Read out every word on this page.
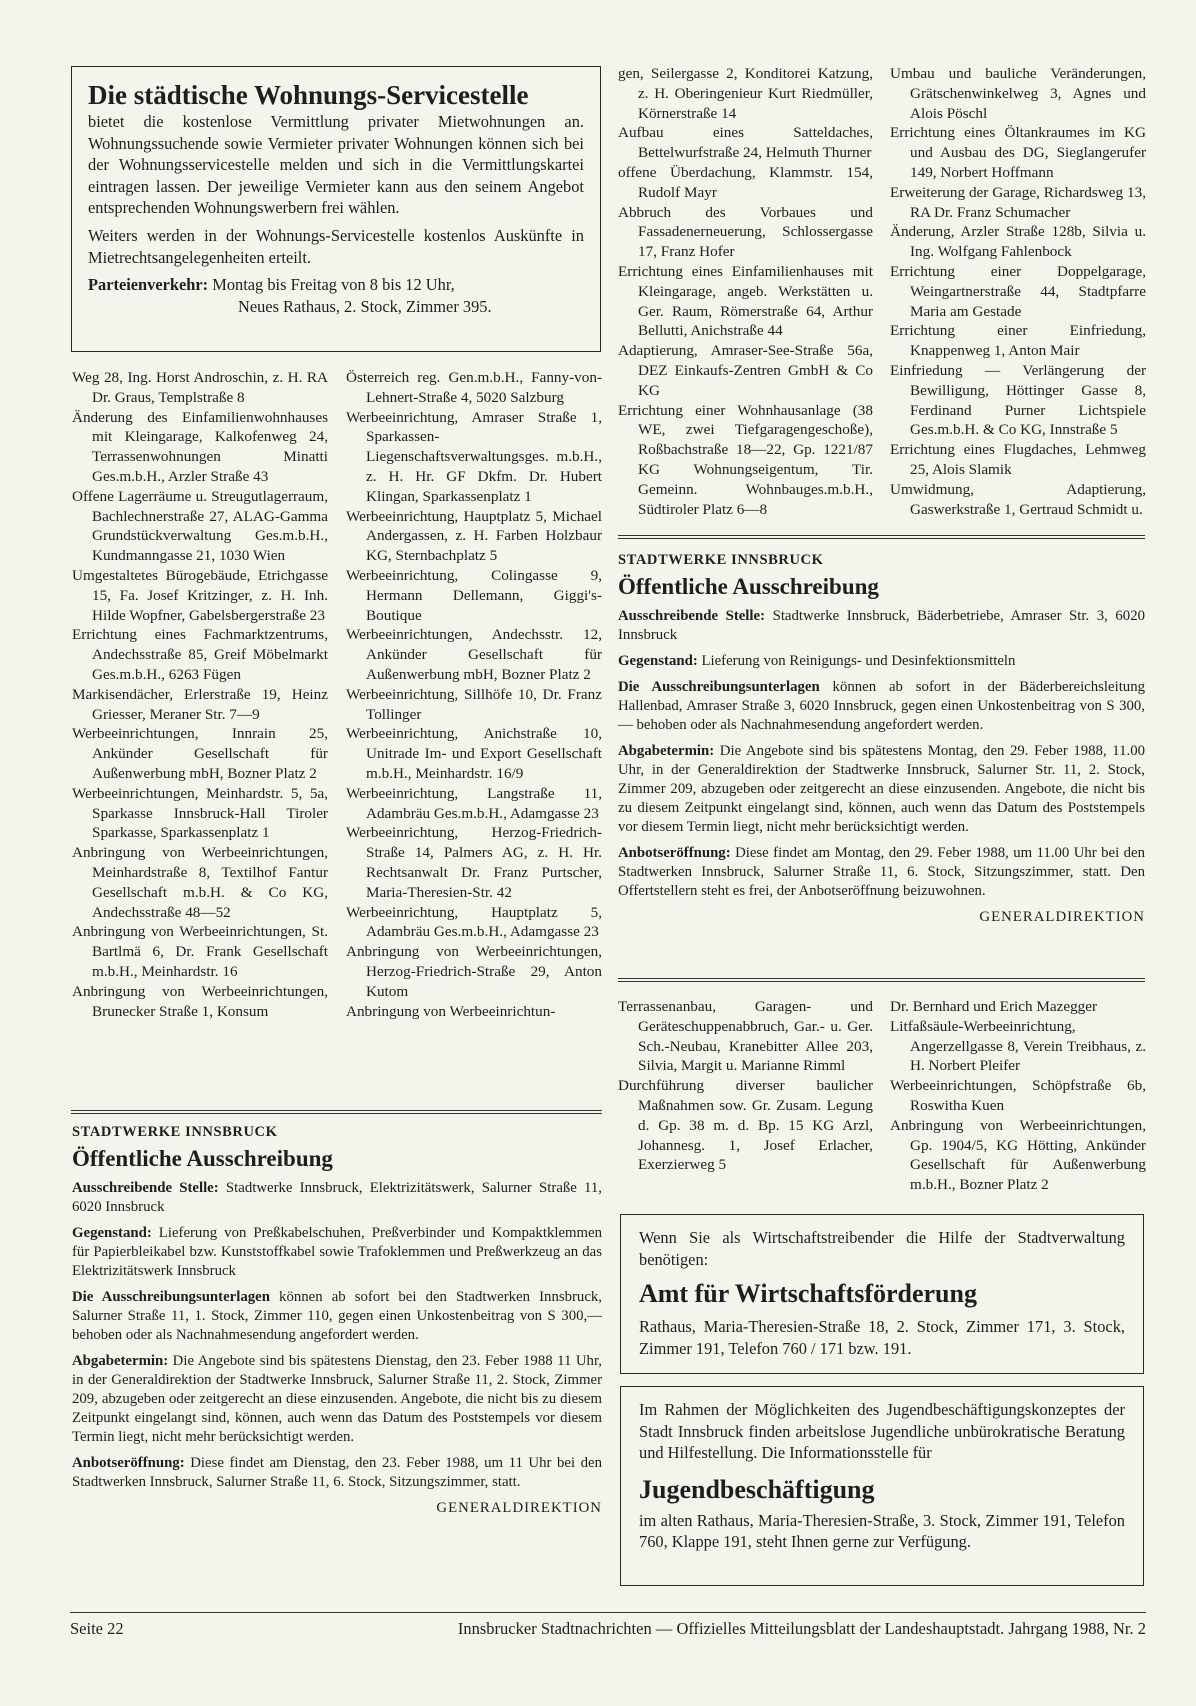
Die städtische Wohnungs-Servicestelle

bietet die kostenlose Vermittlung privater Mietwohnungen an. Wohnungssuchende sowie Vermieter privater Wohnungen können sich bei der Wohnungsservicestelle melden und sich in die Vermittlungskartei eintragen lassen. Der jeweilige Vermieter kann aus den seinem Angebot entsprechenden Wohnungswerbern frei wählen.

Weiters werden in der Wohnungs-Servicestelle kostenlos Auskünfte in Mietrechtsangelegenheiten erteilt.

Parteienverkehr: Montag bis Freitag von 8 bis 12 Uhr,

Neues Rathaus, 2. Stock, Zimmer 395.

Weg 28, Ing. Horst Androschin, z. H. RA Dr. Graus, Templstraße 8

Änderung des Einfamilienwohnhauses mit Kleingarage, Kalkofenweg 24, Terrassenwohnungen Minatti Ges.m.b.H., Arzler Straße 43

Offene Lagerräume u. Streugutlagerraum, Bachlechnerstraße 27, ALAG-Gamma Grundstückverwaltung Ges.m.b.H., Kundmanngasse 21, 1030 Wien

Umgestaltetes Bürogebäude, Etrichgasse 15, Fa. Josef Kritzinger, z. H. Inh. Hilde Wopfner, Gabelsbergerstraße 23

Errichtung eines Fachmarktzentrums, Andechsstraße 85, Greif Möbelmarkt Ges.m.b.H., 6263 Fügen

Markisendächer, Erlerstraße 19, Heinz Griesser, Meraner Str. 7—9

Werbeeinrichtungen, Innrain 25, Ankünder Gesellschaft für Außenwerbung mbH, Bozner Platz 2

Werbeeinrichtungen, Meinhardstr. 5, 5a, Sparkasse Innsbruck-Hall Tiroler Sparkasse, Sparkassenplatz 1

Anbringung von Werbeeinrichtungen, Meinhardstraße 8, Textilhof Fantur Gesellschaft m.b.H. & Co KG, Andechsstraße 48—52

Anbringung von Werbeeinrichtungen, St. Bartlmä 6, Dr. Frank Gesellschaft m.b.H., Meinhardstr. 16

Anbringung von Werbeeinrichtungen, Brunecker Straße 1, Konsum

Österreich reg. Gen.m.b.H., Fanny-von-Lehnert-Straße 4, 5020 Salzburg

Werbeeinrichtung, Amraser Straße 1, Sparkassen-Liegenschaftsverwaltungsges. m.b.H., z. H. Hr. GF Dkfm. Dr. Hubert Klingan, Sparkassenplatz 1

Werbeeinrichtung, Hauptplatz 5, Michael Andergassen, z. H. Farben Holzbaur KG, Sternbachplatz 5

Werbeeinrichtung, Colingasse 9, Hermann Dellemann, Giggi's-Boutique

Werbeeinrichtungen, Andechsstr. 12, Ankünder Gesellschaft für Außenwerbung mbH, Bozner Platz 2

Werbeeinrichtung, Sillhöfe 10, Dr. Franz Tollinger

Werbeeinrichtung, Anichstraße 10, Unitrade Im- und Export Gesellschaft m.b.H., Meinhardstr. 16/9

Werbeeinrichtung, Langstraße 11, Adambräu Ges.m.b.H., Adamgasse 23

Werbeeinrichtung, Herzog-Friedrich-Straße 14, Palmers AG, z. H. Hr. Rechtsanwalt Dr. Franz Purtscher, Maria-Theresien-Str. 42

Werbeeinrichtung, Hauptplatz 5, Adambräu Ges.m.b.H., Adamgasse 23

Anbringung von Werbeeinrichtungen, Herzog-Friedrich-Straße 29, Anton Kutom

Anbringung von Werbeeinrichtun-

gen, Seilergasse 2, Konditorei Katzung, z. H. Oberingenieur Kurt Riedmüller, Körnerstraße 14

Aufbau eines Satteldaches, Bettelwurfstraße 24, Helmuth Thurner

offene Überdachung, Klammstr. 154, Rudolf Mayr

Abbruch des Vorbaues und Fassadenerneuerung, Schlossergasse 17, Franz Hofer

Errichtung eines Einfamilienhauses mit Kleingarage, angeb. Werkstätten u. Ger. Raum, Römerstraße 64, Arthur Bellutti, Anichstraße 44

Adaptierung, Amraser-See-Straße 56a, DEZ Einkaufs-Zentren GmbH & Co KG

Errichtung einer Wohnhausanlage (38 WE, zwei Tiefgaragengeschoße), Roßbachstraße 18—22, Gp. 1221/87 KG Wohnungseigentum, Tir. Gemeinn. Wohnbauges.m.b.H., Südtiroler Platz 6—8

Umbau und bauliche Veränderungen, Grätschenwinkelweg 3, Agnes und Alois Pöschl

Errichtung eines Öltankraumes im KG und Ausbau des DG, Sieglangerufer 149, Norbert Hoffmann

Erweiterung der Garage, Richardsweg 13, RA Dr. Franz Schumacher

Änderung, Arzler Straße 128b, Silvia u. Ing. Wolfgang Fahlenbock

Errichtung einer Doppelgarage, Weingartnerstraße 44, Stadtpfarre Maria am Gestade

Errichtung einer Einfriedung, Knappenweg 1, Anton Mair

Einfriedung — Verlängerung der Bewilligung, Höttinger Gasse 8, Ferdinand Purner Lichtspiele Ges.m.b.H. & Co KG, Innstraße 5

Errichtung eines Flugdaches, Lehmweg 25, Alois Slamik

Umwidmung, Adaptierung, Gaswerkstraße 1, Gertraud Schmidt u.

STADTWERKE INNSBRUCK

Öffentliche Ausschreibung

Ausschreibende Stelle: Stadtwerke Innsbruck, Bäderbetriebe, Amraser Str. 3, 6020 Innsbruck

Gegenstand: Lieferung von Reinigungs- und Desinfektionsmitteln

Die Ausschreibungsunterlagen können ab sofort in der Bäderbereichsleitung Hallenbad, Amraser Straße 3, 6020 Innsbruck, gegen einen Unkostenbeitrag von S 300,— behoben oder als Nachnahmesendung angefordert werden.

Abgabetermin: Die Angebote sind bis spätestens Montag, den 29. Feber 1988, 11.00 Uhr, in der Generaldirektion der Stadtwerke Innsbruck, Salurner Str. 11, 2. Stock, Zimmer 209, abzugeben oder zeitgerecht an diese einzusenden. Angebote, die nicht bis zu diesem Zeitpunkt eingelangt sind, können, auch wenn das Datum des Poststempels vor diesem Termin liegt, nicht mehr berücksichtigt werden.

Anbotseröffnung: Diese findet am Montag, den 29. Feber 1988, um 11.00 Uhr bei den Stadtwerken Innsbruck, Salurner Straße 11, 6. Stock, Sitzungszimmer, statt. Den Offertstellern steht es frei, der Anbotseröffnung beizuwohnen.

GENERALDIREKTION

STADTWERKE INNSBRUCK

Öffentliche Ausschreibung

Ausschreibende Stelle: Stadtwerke Innsbruck, Elektrizitätswerk, Salurner Straße 11, 6020 Innsbruck

Gegenstand: Lieferung von Preßkabelschuhen, Preßverbinder und Kompaktklemmen für Papierbleikabel bzw. Kunststoffkabel sowie Trafoklemmen und Preßwerkzeug an das Elektrizitätswerk Innsbruck

Die Ausschreibungsunterlagen können ab sofort bei den Stadtwerken Innsbruck, Salurner Straße 11, 1. Stock, Zimmer 110, gegen einen Unkostenbeitrag von S 300,— behoben oder als Nachnahmesendung angefordert werden.

Abgabetermin: Die Angebote sind bis spätestens Dienstag, den 23. Feber 1988 11 Uhr, in der Generaldirektion der Stadtwerke Innsbruck, Salurner Straße 11, 2. Stock, Zimmer 209, abzugeben oder zeitgerecht an diese einzusenden. Angebote, die nicht bis zu diesem Zeitpunkt eingelangt sind, können, auch wenn das Datum des Poststempels vor diesem Termin liegt, nicht mehr berücksichtigt werden.

Anbotseröffnung: Diese findet am Dienstag, den 23. Feber 1988, um 11 Uhr bei den Stadtwerken Innsbruck, Salurner Straße 11, 6. Stock, Sitzungszimmer, statt.

GENERALDIREKTION

Terrassenanbau, Garagen- und Geräteschuppenabbruch, Gar.- u. Ger. Sch.-Neubau, Kranebitter Allee 203, Silvia, Margit u. Marianne Rimml

Durchführung diverser baulicher Maßnahmen sow. Gr. Zusam. Legung d. Gp. 38 m. d. Bp. 15 KG Arzl, Johannesg. 1, Josef Erlacher, Exerzierweg 5

Dr. Bernhard und Erich Mazegger

Litfaßsäule-Werbeeinrichtung, Angerzellgasse 8, Verein Treibhaus, z. H. Norbert Pleifer

Werbeeinrichtungen, Schöpfstraße 6b, Roswitha Kuen

Anbringung von Werbeeinrichtungen, Gp. 1904/5, KG Hötting, Ankünder Gesellschaft für Außenwerbung m.b.H., Bozner Platz 2

Wenn Sie als Wirtschaftstreibender die Hilfe der Stadtverwaltung benötigen:

Amt für Wirtschaftsförderung

Rathaus, Maria-Theresien-Straße 18, 2. Stock, Zimmer 171, 3. Stock, Zimmer 191, Telefon 760 / 171 bzw. 191.

Im Rahmen der Möglichkeiten des Jugendbeschäftigungskonzeptes der Stadt Innsbruck finden arbeitslose Jugendliche unbürokratische Beratung und Hilfestellung. Die Informationsstelle für

Jugendbeschäftigung

im alten Rathaus, Maria-Theresien-Straße, 3. Stock, Zimmer 191, Telefon 760, Klappe 191, steht Ihnen gerne zur Verfügung.

Seite 22	Innsbrucker Stadtnachrichten — Offizielles Mitteilungsblatt der Landeshauptstadt. Jahrgang 1988, Nr. 2
